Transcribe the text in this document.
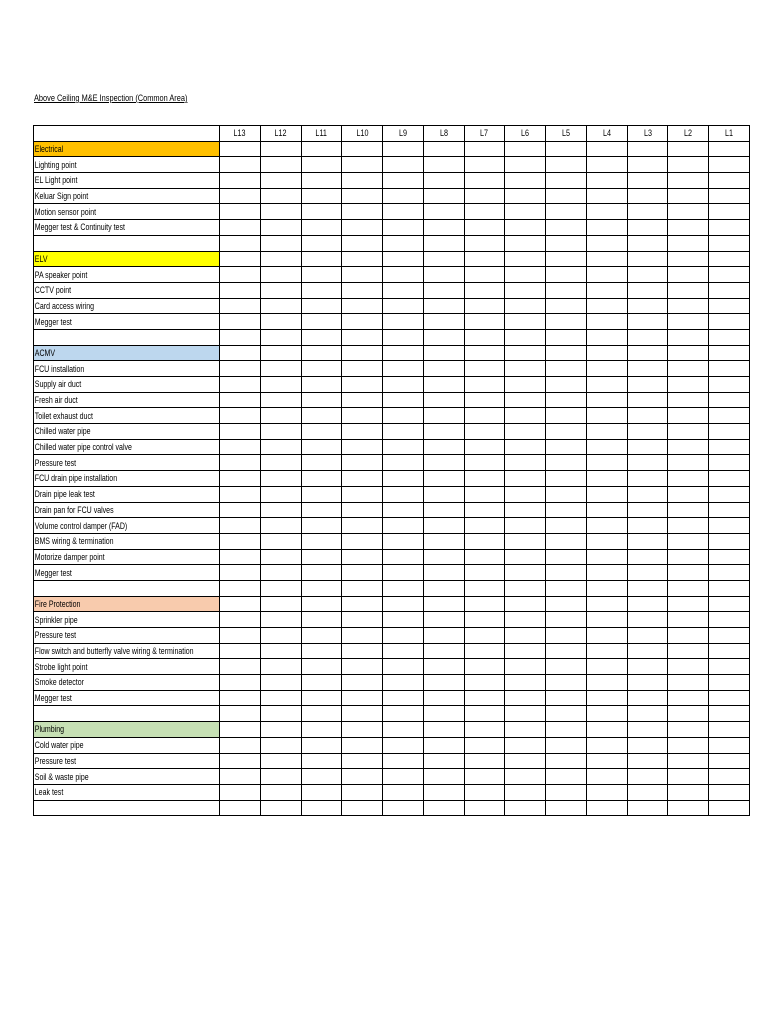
Above Ceiling M&E Inspection (Common Area)
	L13	L12	L11	L10	L9	L8	L7	L6	L5	L4	L3	L2	L1
Electrical													
Lighting point													
EL Light point													
Keluar Sign point													
Motion sensor point													
Megger test & Continuity test													

ELV													
PA speaker point													
CCTV point													
Card access wiring													
Megger test													

ACMV													
FCU installation													
Supply air duct													
Fresh air duct													
Toilet exhaust duct													
Chilled water pipe													
Chilled water pipe control valve													
Pressure test													
FCU drain pipe installation													
Drain pipe leak test													
Drain pan for FCU valves													
Volume control damper (FAD)													
BMS wiring & termination													
Motorize damper point													
Megger test													

Fire Protection													
Sprinkler pipe													
Pressure test													
Flow switch and butterfly valve wiring & termination													
Strobe light point													
Smoke detector													
Megger test													

Plumbing													
Cold water pipe													
Pressure test													
Soil & waste pipe													
Leak test													
